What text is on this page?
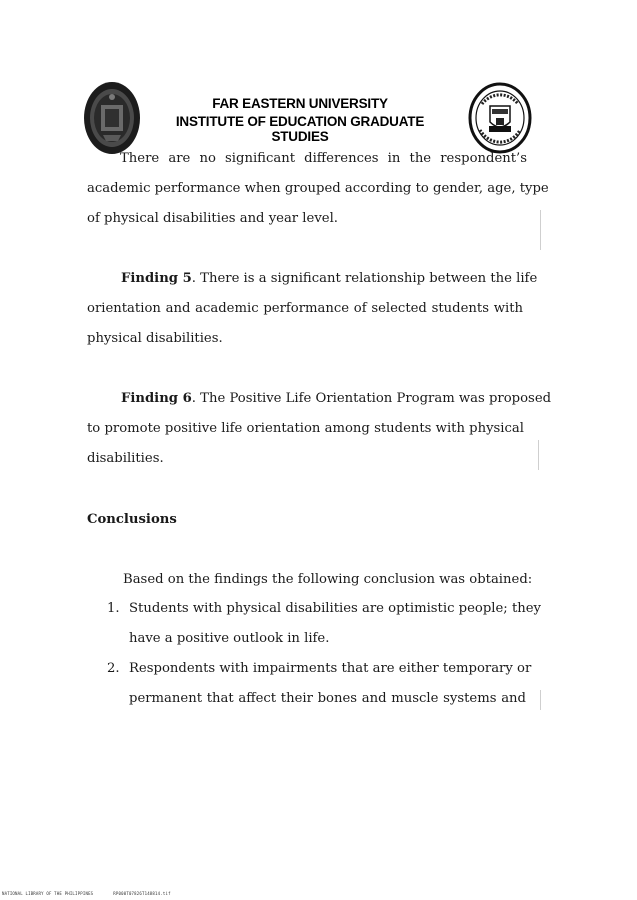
FAR EASTERN UNIVERSITY
INSTITUTE OF EDUCATION GRADUATE STUDIES
There are no significant differences in the respondent’s
academic performance when grouped according to gender, age, type
of physical disabilities and year level.
Finding 5. There is a significant relationship between the life
orientation and academic performance of selected students with
physical disabilities.
Finding 6. The Positive Life Orientation Program was proposed
to promote positive life orientation among students with physical
disabilities.
Conclusions
Based on the findings the following conclusion was obtained:
1. Students with physical disabilities are optimistic people; they
have a positive outlook in life.
2. Respondents with impairments that are either temporary or
permanent that affect their bones and muscle systems and
NATIONAL LIBRARY OF THE PHILIPPINES	RP000T07826T148814.tif
